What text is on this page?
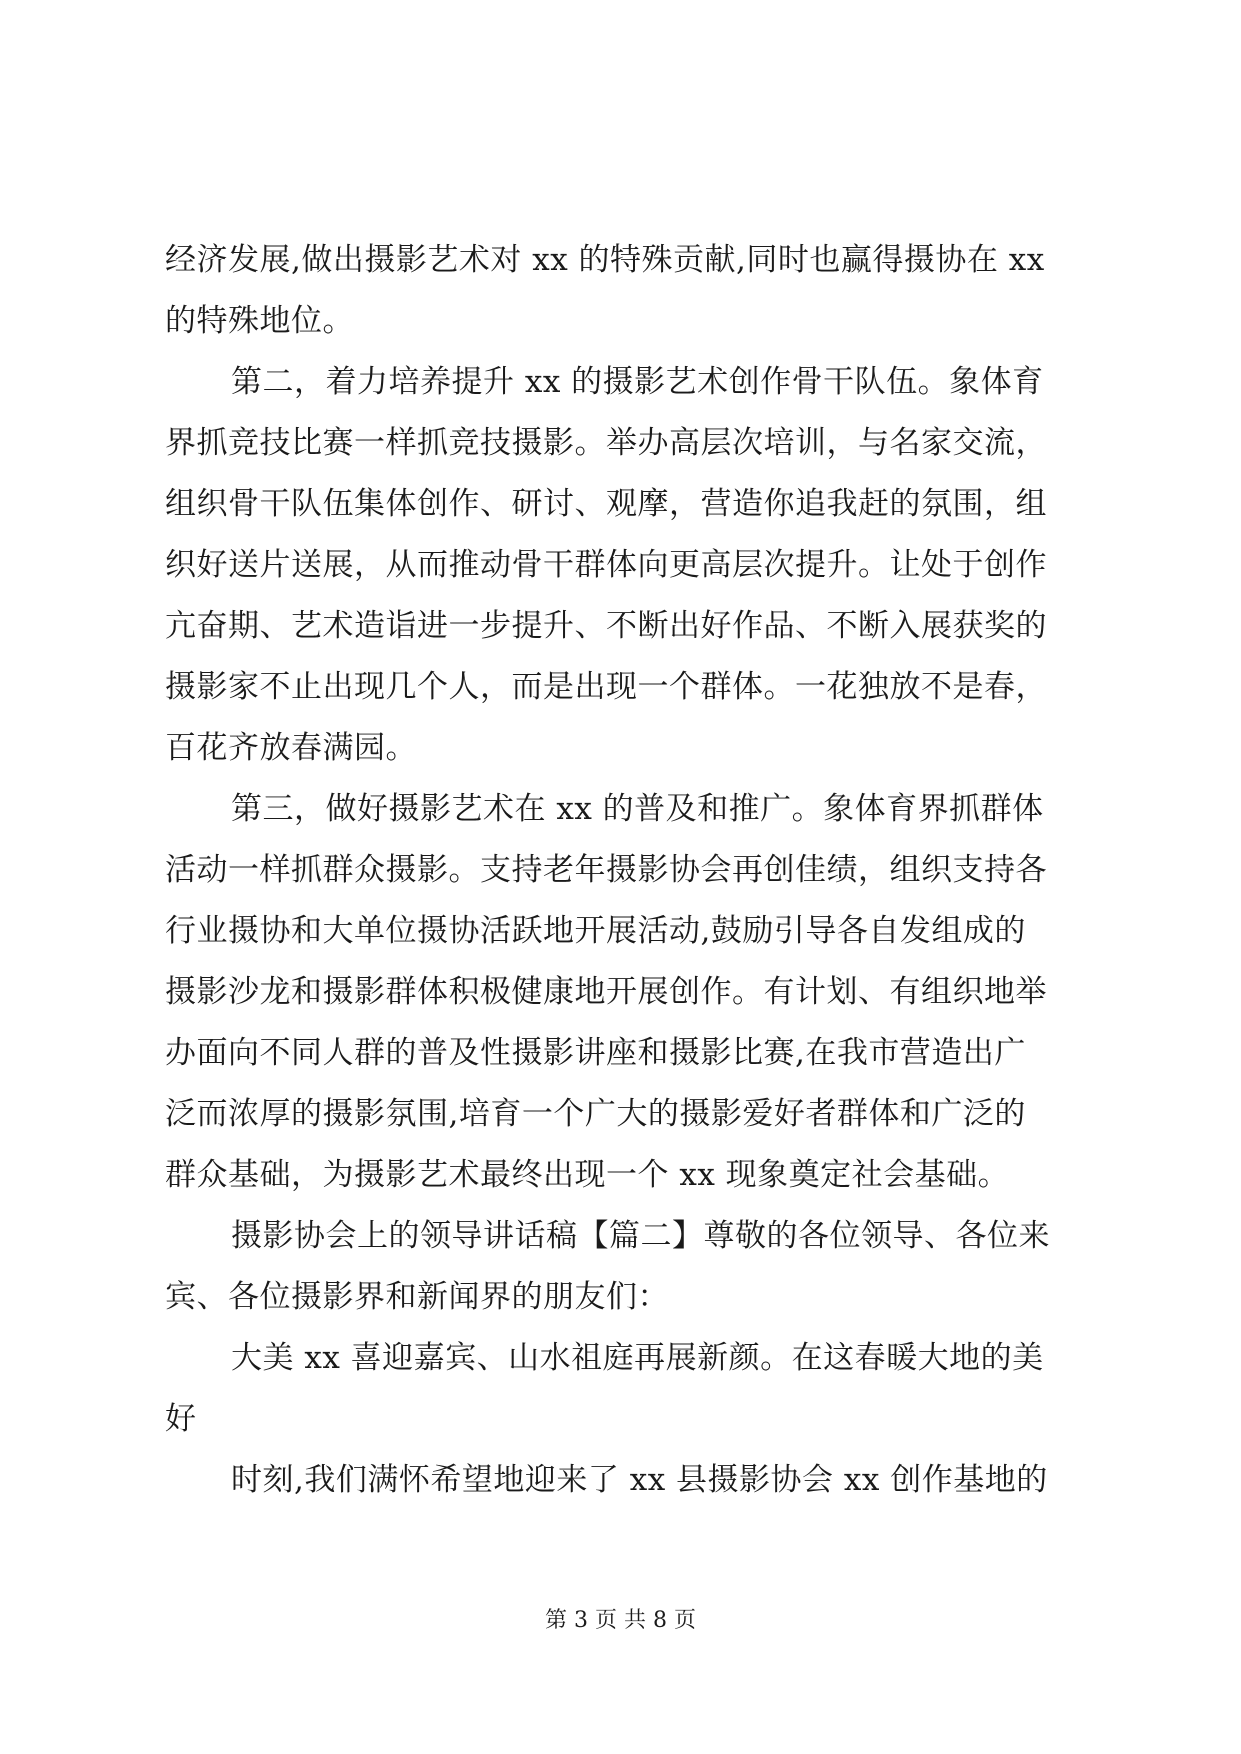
经济发展,做出摄影艺术对 xx 的特殊贡献,同时也赢得摄协在 xx
的特殊地位。
第二，着力培养提升 xx 的摄影艺术创作骨干队伍。象体育
界抓竞技比赛一样抓竞技摄影。举办高层次培训，与名家交流，
组织骨干队伍集体创作、研讨、观摩，营造你追我赶的氛围，组
织好送片送展，从而推动骨干群体向更高层次提升。让处于创作
亢奋期、艺术造诣进一步提升、不断出好作品、不断入展获奖的
摄影家不止出现几个人，而是出现一个群体。一花独放不是春，
百花齐放春满园。
第三，做好摄影艺术在 xx 的普及和推广。象体育界抓群体
活动一样抓群众摄影。支持老年摄影协会再创佳绩，组织支持各
行业摄协和大单位摄协活跃地开展活动,鼓励引导各自发组成的
摄影沙龙和摄影群体积极健康地开展创作。有计划、有组织地举
办面向不同人群的普及性摄影讲座和摄影比赛,在我市营造出广
泛而浓厚的摄影氛围,培育一个广大的摄影爱好者群体和广泛的
群众基础，为摄影艺术最终出现一个 xx 现象奠定社会基础。
摄影协会上的领导讲话稿【篇二】尊敬的各位领导、各位来
宾、各位摄影界和新闻界的朋友们：
大美 xx 喜迎嘉宾、山水祖庭再展新颜。在这春暖大地的美
好
时刻,我们满怀希望地迎来了 xx 县摄影协会 xx 创作基地的
第 3 页 共 8 页
